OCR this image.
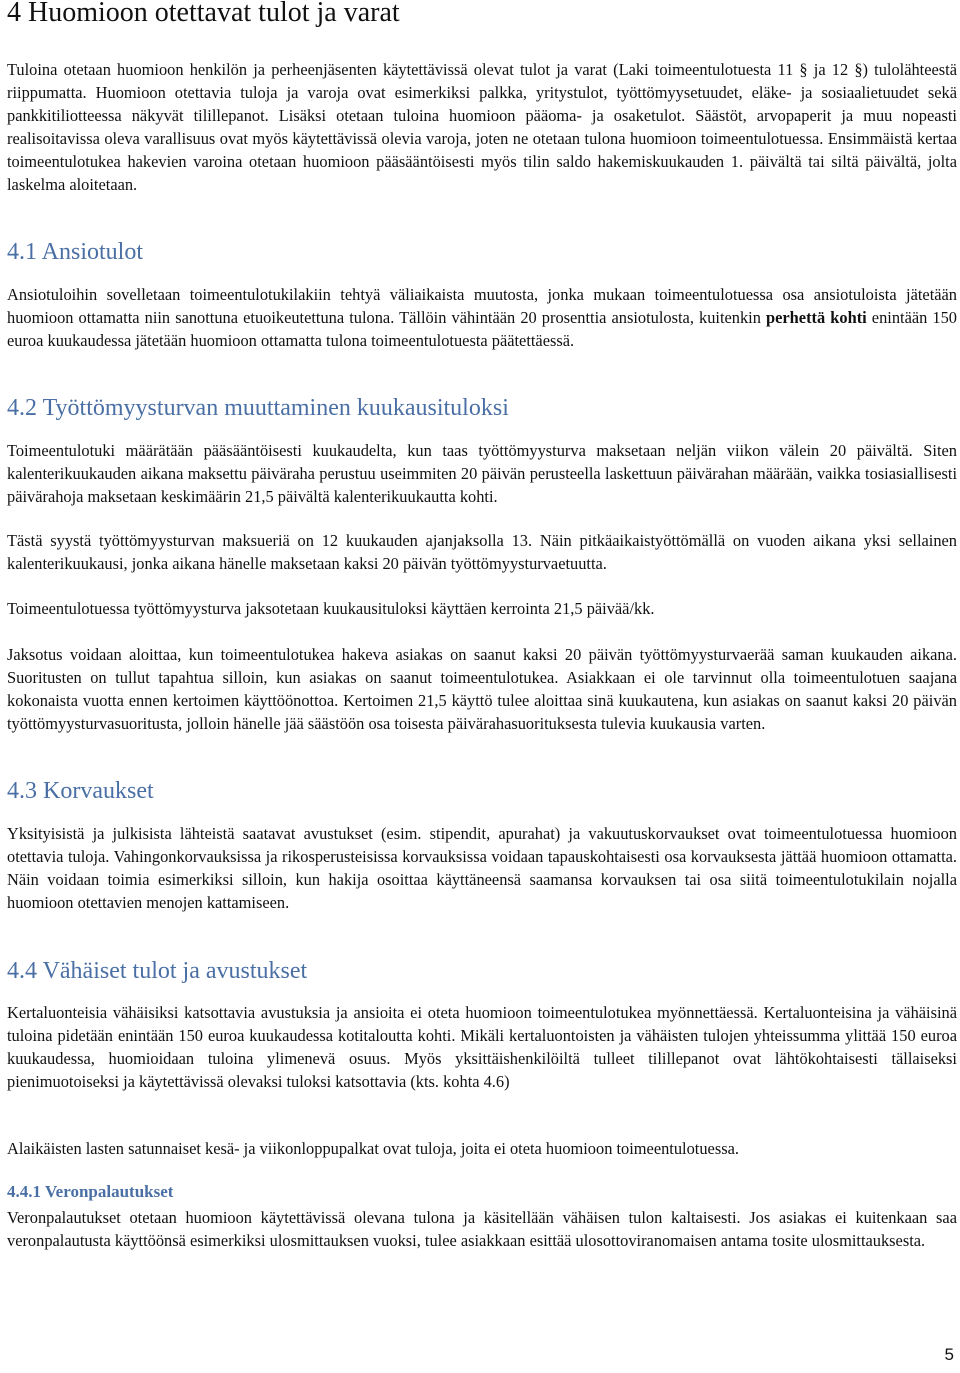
4 Huomioon otettavat tulot ja varat

Tuloina otetaan huomioon henkilön ja perheenjäsenten käytettävissä olevat tulot ja varat (Laki toimeentulotuesta 11 § ja 12 §) tulolähteestä riippumatta. Huomioon otettavia tuloja ja varoja ovat esimerkiksi palkka, yritystulot, työttömyysetuudet, eläke- ja sosiaalietuudet sekä pankkitiliotteessa näkyvät tilillepanot. Lisäksi otetaan tuloina huomioon pääoma- ja osaketulot. Säästöt, arvopaperit ja muu nopeasti realisoitavissa oleva varallisuus ovat myös käytettävissä olevia varoja, joten ne otetaan tulona huomioon toimeentulotuessa. Ensimmäistä kertaa toimeentulotukea hakevien varoina otetaan huomioon pääsääntöisesti myös tilin saldo hakemiskuukauden 1. päivältä tai siltä päivältä, jolta laskelma aloitetaan.

4.1 Ansiotulot

Ansiotuloihin sovelletaan toimeentulotukilakiin tehtyä väliaikaista muutosta, jonka mukaan toimeentulotuessa osa ansiotuloista jätetään huomioon ottamatta niin sanottuna etuoikeutettuna tulona. Tällöin vähintään 20 prosenttia ansiotulosta, kuitenkin perhettä kohti enintään 150 euroa kuukaudessa jätetään huomioon ottamatta tulona toimeentulotuesta päätettäessä.

4.2 Työttömyysturvan muuttaminen kuukausituloksi

Toimeentulotuki määrätään pääsääntöisesti kuukaudelta, kun taas työttömyysturva maksetaan neljän viikon välein 20 päivältä. Siten kalenterikuukauden aikana maksettu päiväraha perustuu useimmiten 20 päivän perusteella laskettuun päivärahan määrään, vaikka tosiasiallisesti päivärahoja maksetaan keskimäärin 21,5 päivältä kalenterikuukautta kohti.

Tästä syystä työttömyysturvan maksueriä on 12 kuukauden ajanjaksolla 13. Näin pitkäaikaistyöttömällä on vuoden aikana yksi sellainen kalenterikuukausi, jonka aikana hänelle maksetaan kaksi 20 päivän työttömyysturvaetuutta.

Toimeentulotuessa työttömyysturva jaksotetaan kuukausituloksi käyttäen kerrointa 21,5 päivää/kk.

Jaksotus voidaan aloittaa, kun toimeentulotukea hakeva asiakas on saanut kaksi 20 päivän työttömyysturvaerää saman kuukauden aikana. Suoritusten on tullut tapahtua silloin, kun asiakas on saanut toimeentulotukea. Asiakkaan ei ole tarvinnut olla toimeentulotuen saajana kokonaista vuotta ennen kertoimen käyttöönottoa. Kertoimen 21,5 käyttö tulee aloittaa sinä kuukautena, kun asiakas on saanut kaksi 20 päivän työttömyysturvasuoritusta, jolloin hänelle jää säästöön osa toisesta päivärahasuorituksesta tulevia kuukausia varten.

4.3 Korvaukset

Yksityisistä ja julkisista lähteistä saatavat avustukset (esim. stipendit, apurahat) ja vakuutuskorvaukset ovat toimeentulotuessa huomioon otettavia tuloja. Vahingonkorvauksissa ja rikosperusteisissa korvauksissa voidaan tapauskohtaisesti osa korvauksesta jättää huomioon ottamatta. Näin voidaan toimia esimerkiksi silloin, kun hakija osoittaa käyttäneensä saamansa korvauksen tai osa siitä toimeentulotukilain nojalla huomioon otettavien menojen kattamiseen.

4.4 Vähäiset tulot ja avustukset

Kertaluonteisia vähäisiksi katsottavia avustuksia ja ansioita ei oteta huomioon toimeentulotukea myönnettäessä. Kertaluonteisina ja vähäisinä tuloina pidetään enintään 150 euroa kuukaudessa kotitaloutta kohti. Mikäli kertaluontoisten ja vähäisten tulojen yhteissumma ylittää 150 euroa kuukaudessa, huomioidaan tuloina ylimenevä osuus. Myös yksittäishenkilöiltä tulleet tilillepanot ovat lähtökohtaisesti tällaiseksi pienimuotoiseksi ja käytettävissä olevaksi tuloksi katsottavia (kts. kohta 4.6)

Alaikäisten lasten satunnaiset kesä- ja viikonloppupalkat ovat tuloja, joita ei oteta huomioon toimeentulotuessa.

4.4.1 Veronpalautukset

Veronpalautukset otetaan huomioon käytettävissä olevana tulona ja käsitellään vähäisen tulon kaltaisesti. Jos asiakas ei kuitenkaan saa veronpalautusta käyttöönsä esimerkiksi ulosmittauksen vuoksi, tulee asiakkaan esittää ulosottoviranomaisen antama tosite ulosmittauksesta.

5
